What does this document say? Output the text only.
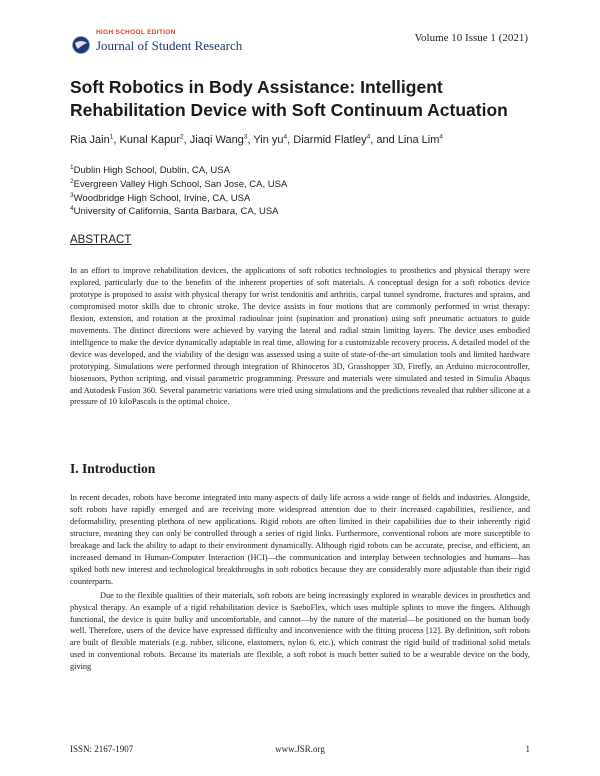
HIGH SCHOOL EDITION
Journal of Student Research	Volume 10 Issue 1 (2021)
Soft Robotics in Body Assistance: Intelligent Rehabilitation Device with Soft Continuum Actuation
Ria Jain$^1$, Kunal Kapur$^2$, Jiaqi Wang$^3$, Yin $yu^4$, Diarmid Flatley$^4$, and Lina Lim$^4$
$^1$Dublin High School, Dublin, CA, USA
$^2$Evergreen Valley High School, San Jose, CA, USA
$^3$Woodbridge High School, Irvine, CA, USA
$^4$University of California, Santa Barbara, CA, USA
ABSTRACT

In an effort to improve rehabilitation devices, the applications of soft robotics technologies to prosthetics and physical therapy were explored, particularly due to the benefits of the inherent properties of soft materials. A conceptual design for a soft robotics device prototype is proposed to assist with physical therapy for wrist tendonitis and arthritis, carpal tunnel syndrome, fractures and sprains, and compromised motor skills due to chronic stroke. The device assists in four motions that are commonly performed in wrist therapy: flexion, extension, and rotation at the proximal radioulnar joint (supination and pronation) using soft pneumatic actuators to guide movements. The distinct directions were achieved by varying the lateral and radial strain limiting layers. The device uses embodied intelligence to make the device dynamically adaptable in real time, allowing for a customizable recovery process. A detailed model of the device was developed, and the viability of the design was assessed using a suite of state-of-the-art simulation tools and limited hardware prototyping. Simulations were performed through integration of Rhinoceros 3D, Grasshopper 3D, Firefly, an Arduino microcontroller, biosensors, Python scripting, and visual parametric programming. Pressure and materials were simulated and tested in Simulia Abaqus and Autodesk Fusion 360. Several parametric variations were tried using simulations and the predictions revealed that rubber silicone at a pressure of 10 kiloPascals is the optimal choice.

I. Introduction

In recent decades, robots have become integrated into many aspects of daily life across a wide range of fields and industries. Alongside, soft robots have rapidly emerged and are receiving more widespread attention due to their increased capabilities, resilience, and deformability, presenting plethora of new applications. Rigid robots are often limited in their capabilities due to their inherently rigid structure, meaning they can only be controlled through a series of rigid links. Furthermore, conventional robots are more susceptible to breakage and lack the ability to adapt to their environment dynamically. Although rigid robots can be accurate, precise, and efficient, an increased demand in Human-Computer Interaction (HCI)—the communication and interplay between technologies and humans—has spiked both new interest and technological breakthroughs in soft robotics because they are considerably more adjustable than their rigid counterparts.

Due to the flexible qualities of their materials, soft robots are being increasingly explored in wearable devices in prosthetics and physical therapy. An example of a rigid rehabilitation device is SaeboFlex, which uses multiple splints to move the fingers. Although functional, the device is quite bulky and uncomfortable, and cannot—by the nature of the material—be positioned on the human body well. Therefore, users of the device have expressed difficulty and inconvenience with the fitting process [12]. By definition, soft robots are built of flexible materials (e.g. rubber, silicone, elastomers, nylon 6, etc.), which contrast the rigid build of traditional solid metals used in conventional robots. Because its materials are flexible, a soft robot is much better suited to be a wearable device on the body, giving

ISSN: 2167-1907	www.JSR.org	1
